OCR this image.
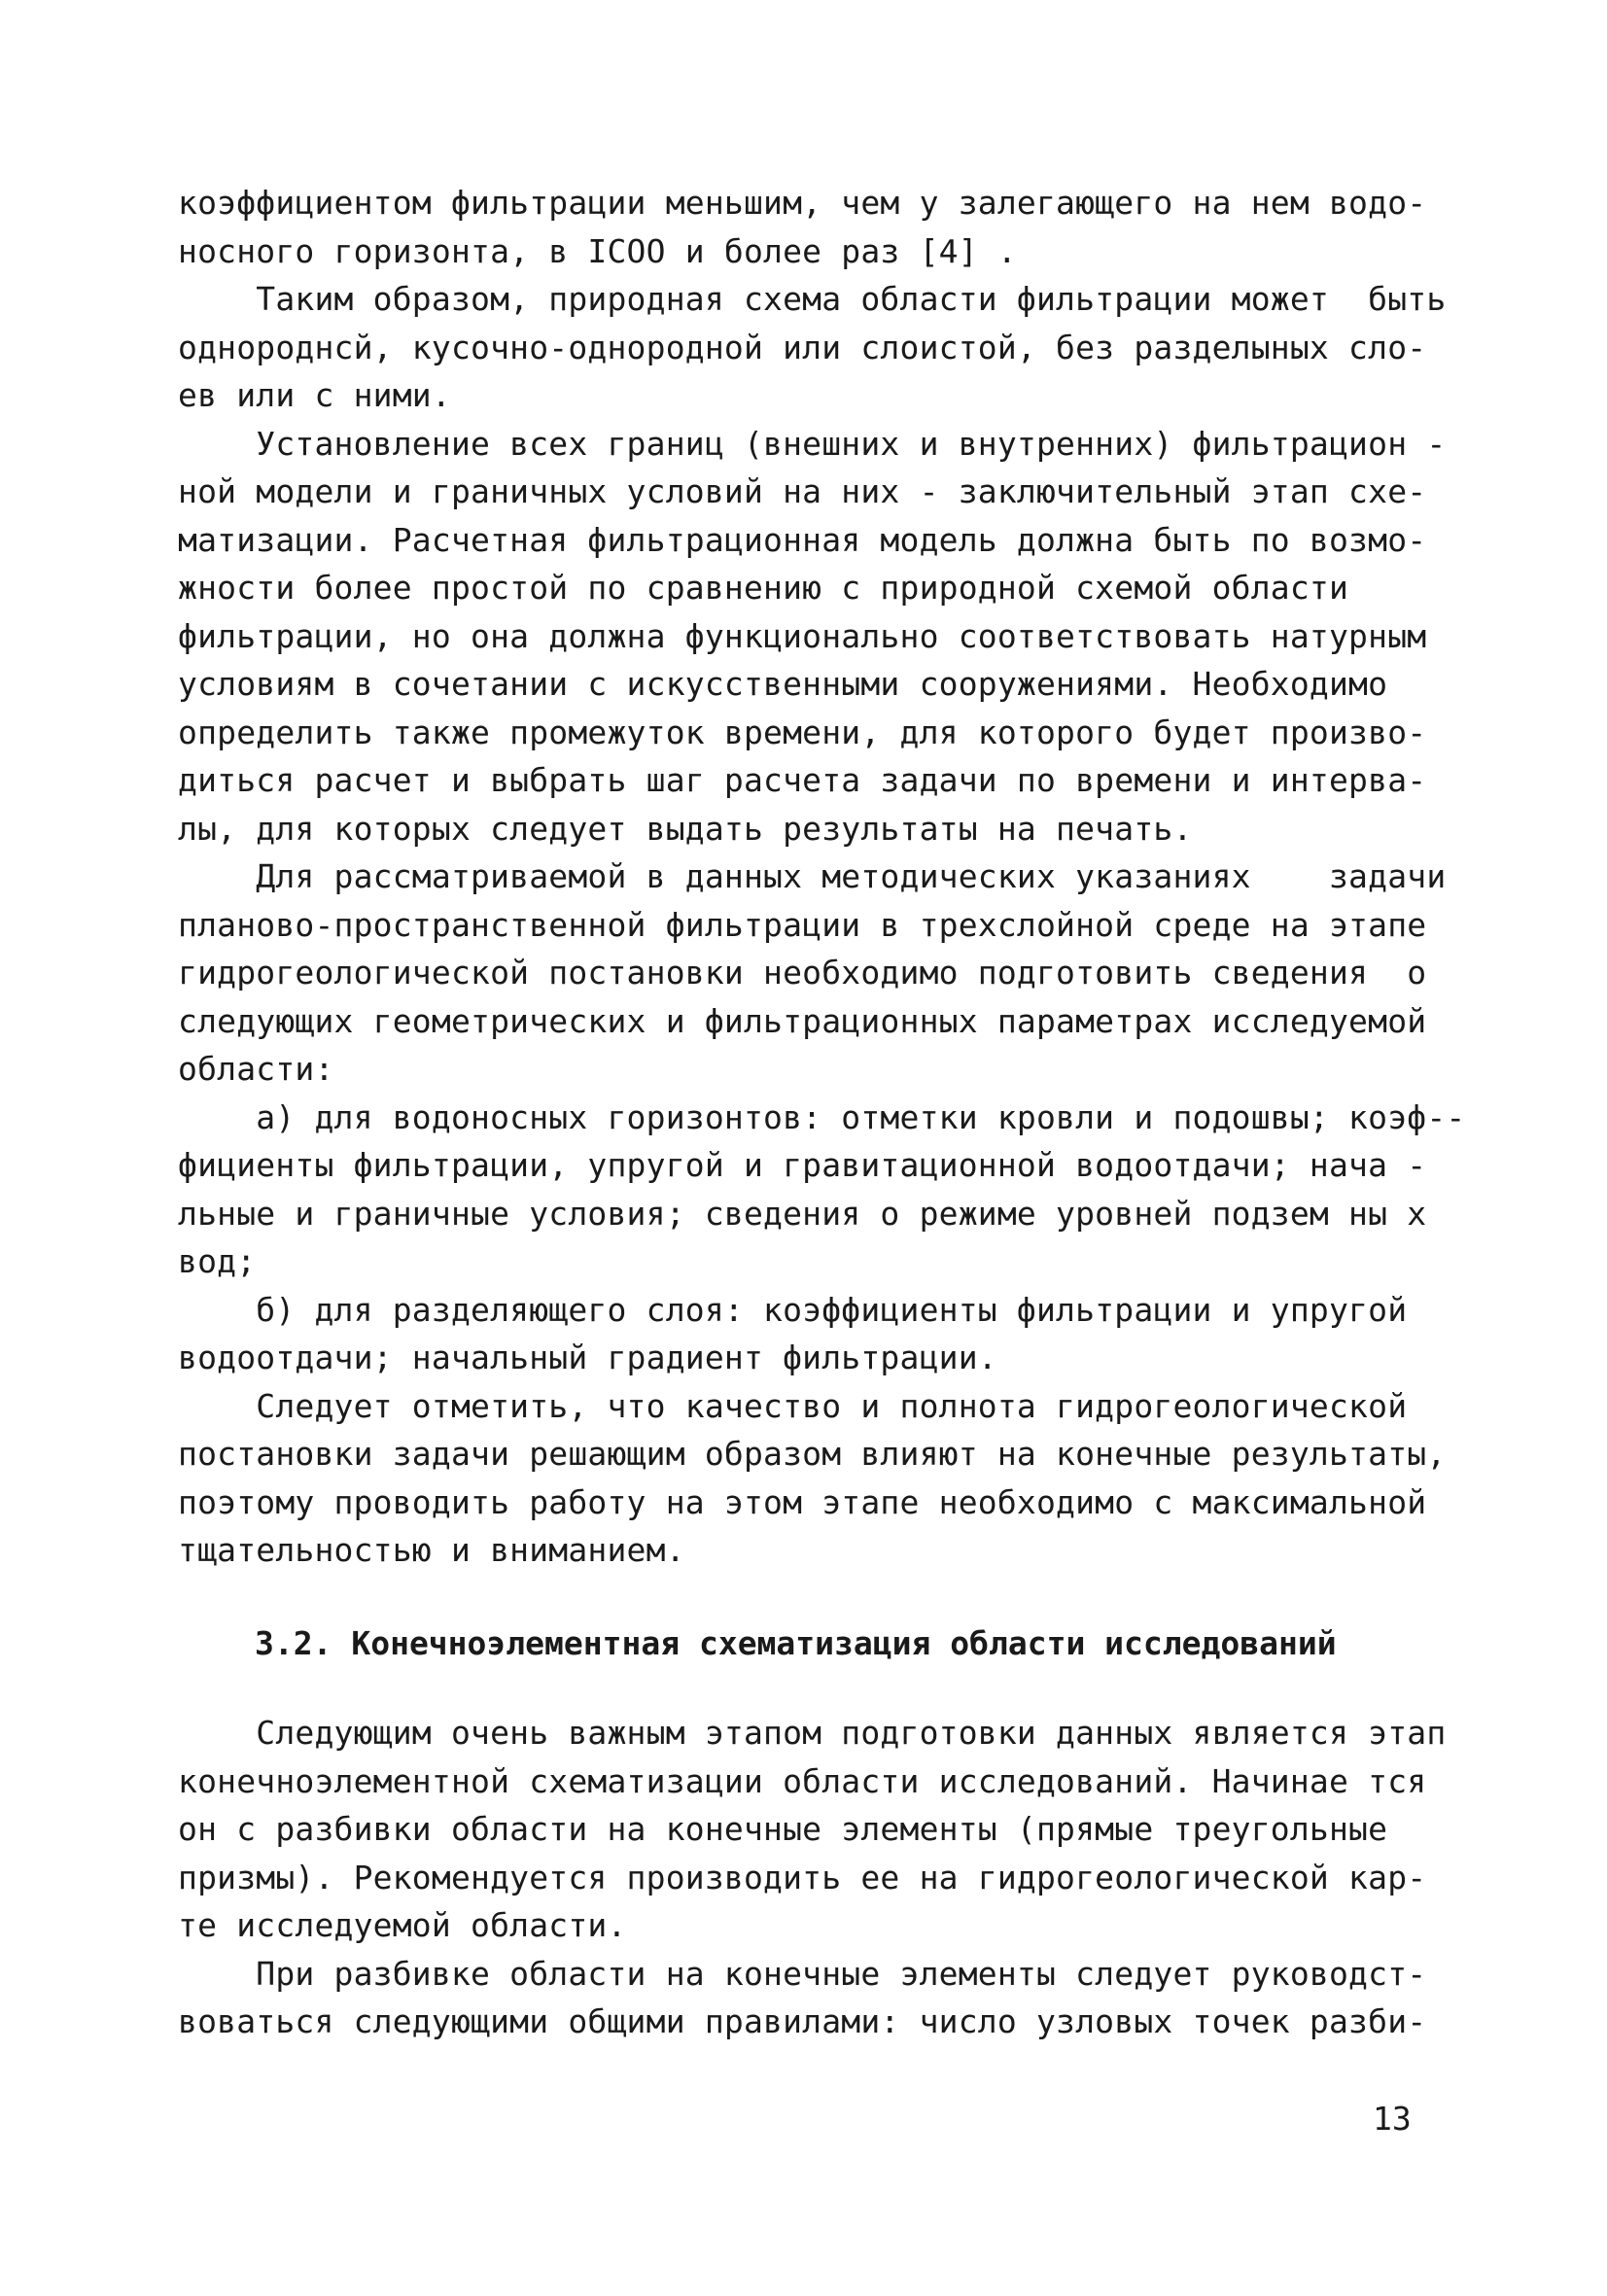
коэффициентом фильтрации меньшим, чем у залегающего на нем водо-
носного горизонта, в IСОО и более раз [4] .
Таким образом, природная схема области фильтрации может  быть
однороднсй, кусочно-однородной или слоистой, без разделыных сло-
ев или с ними.
Установление всех границ (внешних и внутренних) фильтрацион -
ной модели и граничных условий на них - заключительный этап схе-
матизации. Расчетная фильтрационная модель должна быть по возмо-
жности более простой по сравнению с природной схемой области
фильтрации, но она должна функционально соответствовать натурным
условиям в сочетании с искусственными сооружениями. Необходимо
определить также промежуток времени, для которого будет произво-
диться расчет и выбрать шаг расчета задачи по времени и интерва-
лы, для которых следует выдать результаты на печать.
Для рассматриваемой в данных методических указаниях    задачи
планово-пространственной фильтрации в трехслойной среде на этапе
гидрогеологической постановки необходимо подготовить сведения  о
следующих геометрических и фильтрационных параметрах исследуемой
области:
а) для водоносных горизонтов: отметки кровли и подошвы; коэф--
фициенты фильтрации, упругой и гравитационной водоотдачи; нача -
льные и граничные условия; сведения о режиме уровней подзем ны х
вод;
б) для разделяющего слоя: коэффициенты фильтрации и упругой
водоотдачи; начальный градиент фильтрации.
Следует отметить, что качество и полнота гидрогеологической
постановки задачи решающим образом влияют на конечные результаты,
поэтому проводить работу на этом этапе необходимо с максимальной
тщательностью и вниманием.
3.2. Конечноэлементная схематизация области исследований
Следующим очень важным этапом подготовки данных является этап
конечноэлементной схематизации области исследований. Начинае тся
он с разбивки области на конечные элементы (прямые треугольные
призмы). Рекомендуется производить ее на гидрогеологической кар-
те исследуемой области.
При разбивке области на конечные элементы следует руководст-
воваться следующими общими правилами: число узловых точек разби-
13
